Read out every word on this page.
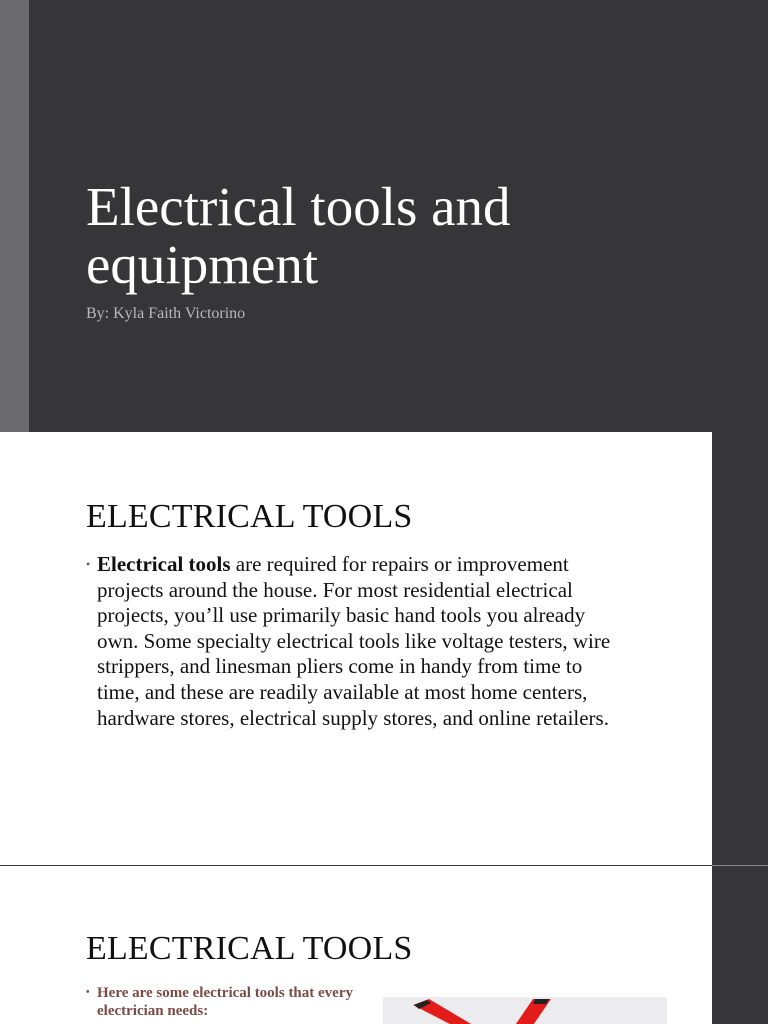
Electrical tools and equipment

By: Kyla Faith Victorino

ELECTRICAL TOOLS
• Electrical tools are required for repairs or improvement projects around the house. For most residential electrical projects, you’ll use primarily basic hand tools you already own. Some specialty electrical tools like voltage testers, wire strippers, and linesman pliers come in handy from time to time, and these are readily available at most home centers, hardware stores, electrical supply stores, and online retailers.
ELECTRICAL TOOLS
• Here are some electrical tools that every electrician needs:
